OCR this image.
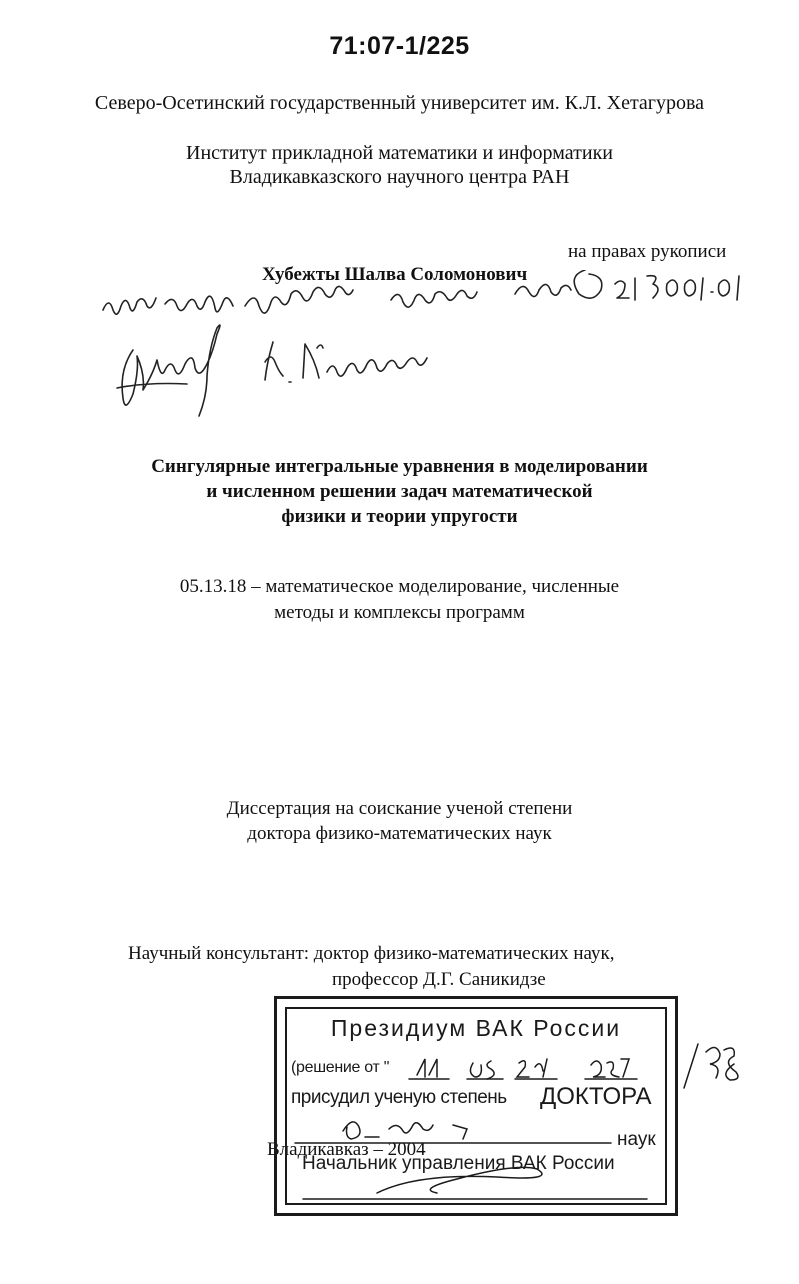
71:07-1/225
Северо-Осетинский государственный университет им. К.Л. Хетагурова
Институт прикладной математики и информатики
Владикавказского научного центра РАН
на правах рукописи
Хубежты Шалва Соломонович
Сингулярные интегральные уравнения в моделировании
и численном решении задач математической
физики и теории упругости
05.13.18 – математическое моделирование, численные
методы и комплексы программ
Диссертация на соискание ученой степени
доктора физико-математических наук
Научный консультант: доктор физико-математических наук,
профессор Д.Г. Саникидзе
Владикавказ – 2004
Президиум ВАК России
(решение от "
присудил ученую степень ДОКТОРА
наук
Начальник управления ВАК России
